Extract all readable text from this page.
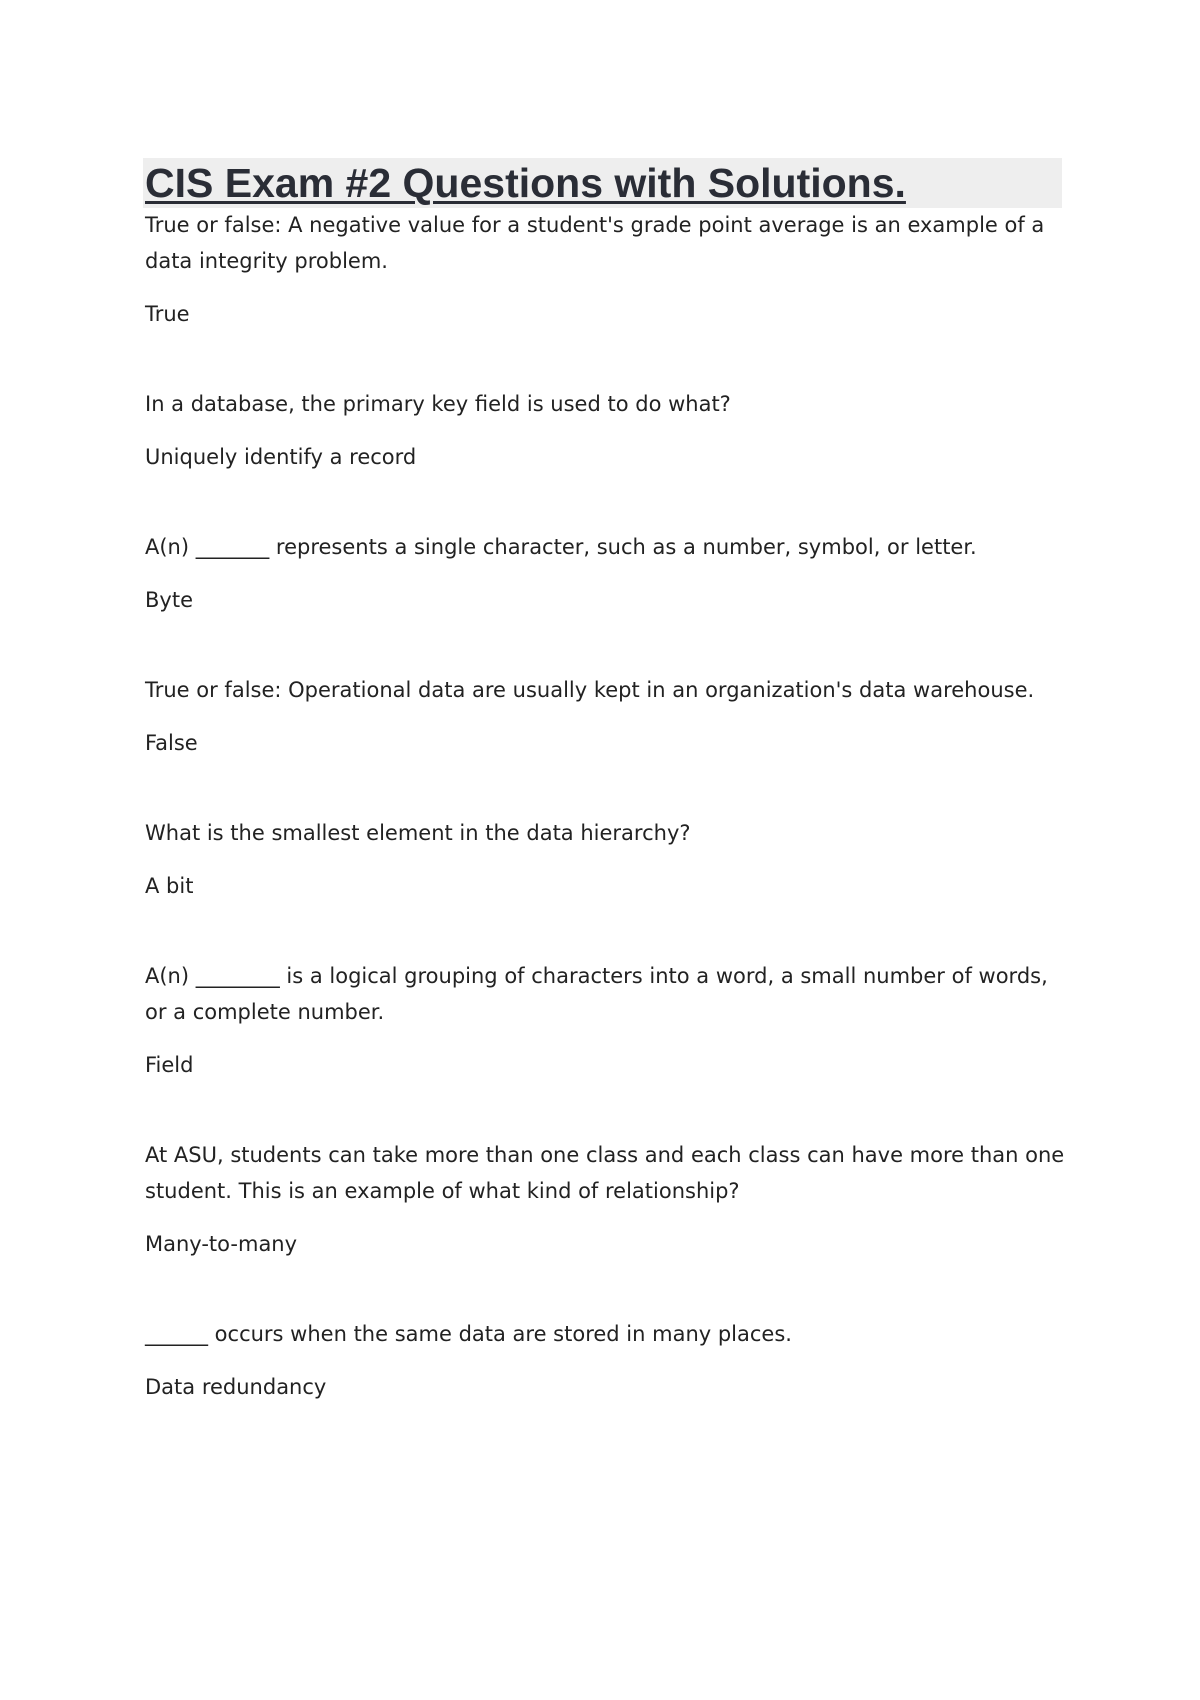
CIS Exam #2 Questions with Solutions.

True or false: A negative value for a student's grade point average is an example of a data integrity problem.

True

In a database, the primary key field is used to do what?

Uniquely identify a record

A(n) _______ represents a single character, such as a number, symbol, or letter.

Byte

True or false: Operational data are usually kept in an organization's data warehouse.

False

What is the smallest element in the data hierarchy?

A bit

A(n) ________ is a logical grouping of characters into a word, a small number of words, or a complete number.

Field

At ASU, students can take more than one class and each class can have more than one student. This is an example of what kind of relationship?

Many-to-many

______ occurs when the same data are stored in many places.

Data redundancy
